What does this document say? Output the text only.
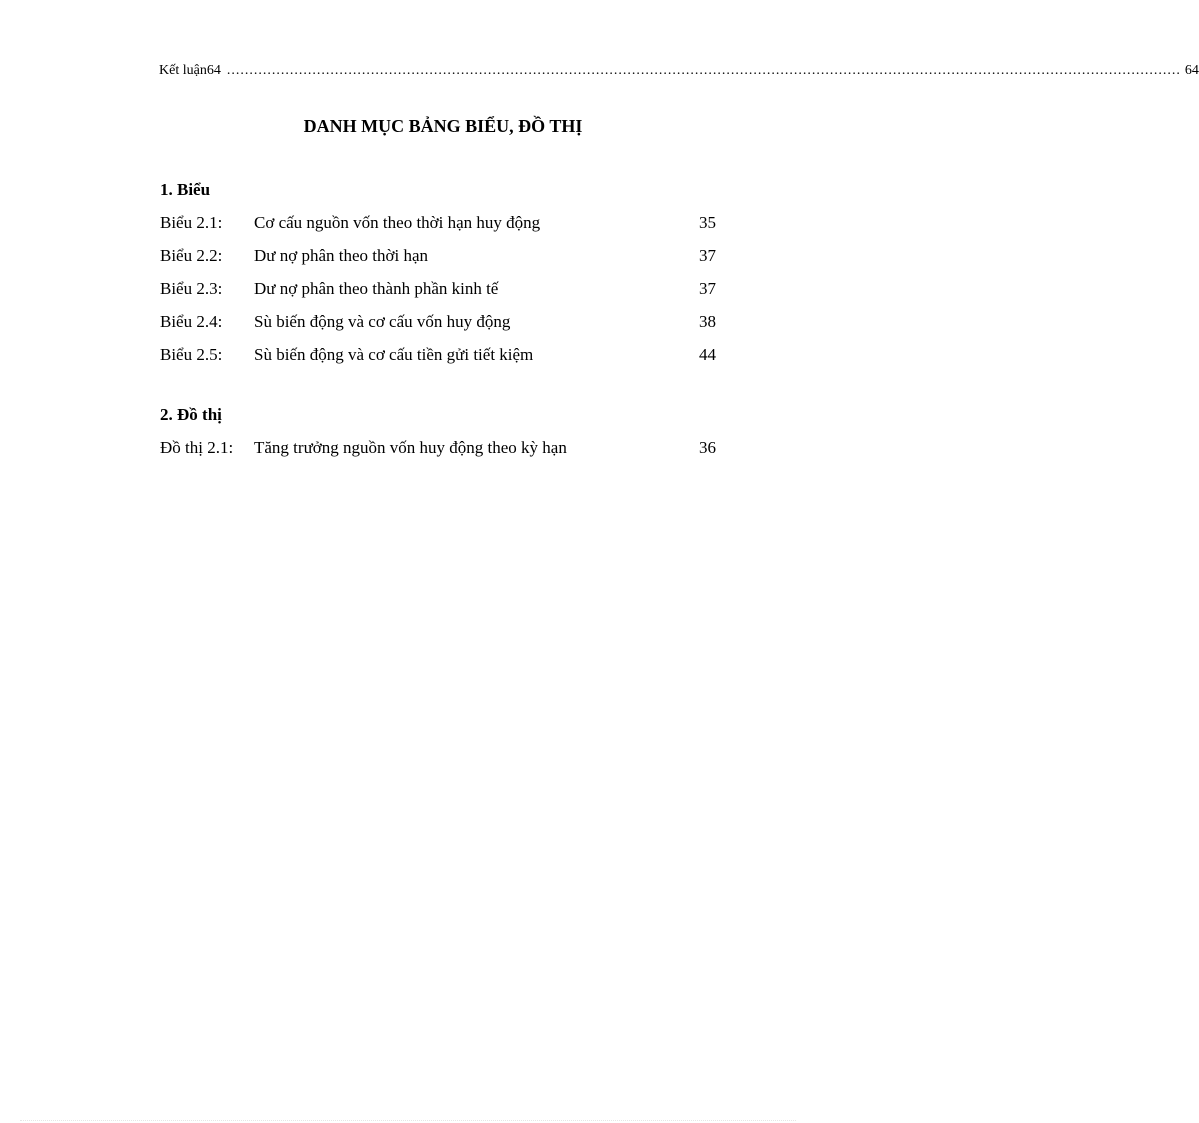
Kết luận64 .................................................................................................................................................................................................................... 64
DANH MỤC BẢNG BIỂU, ĐỒ THỊ
1. Biểu
Biểu 2.1: Cơ cấu nguồn vốn theo thời hạn huy động	35
Biểu 2.2: Dư nợ phân theo thời hạn	37
Biểu 2.3: Dư nợ phân theo thành phần kinh tế	37
Biểu 2.4: Sù biến động và cơ cấu vốn huy động	38
Biểu 2.5: Sù biến động và cơ cấu tiền gửi tiết kiệm	44
2. Đồ thị
Đồ thị 2.1: Tăng trưởng nguồn vốn huy động theo kỳ hạn	36
